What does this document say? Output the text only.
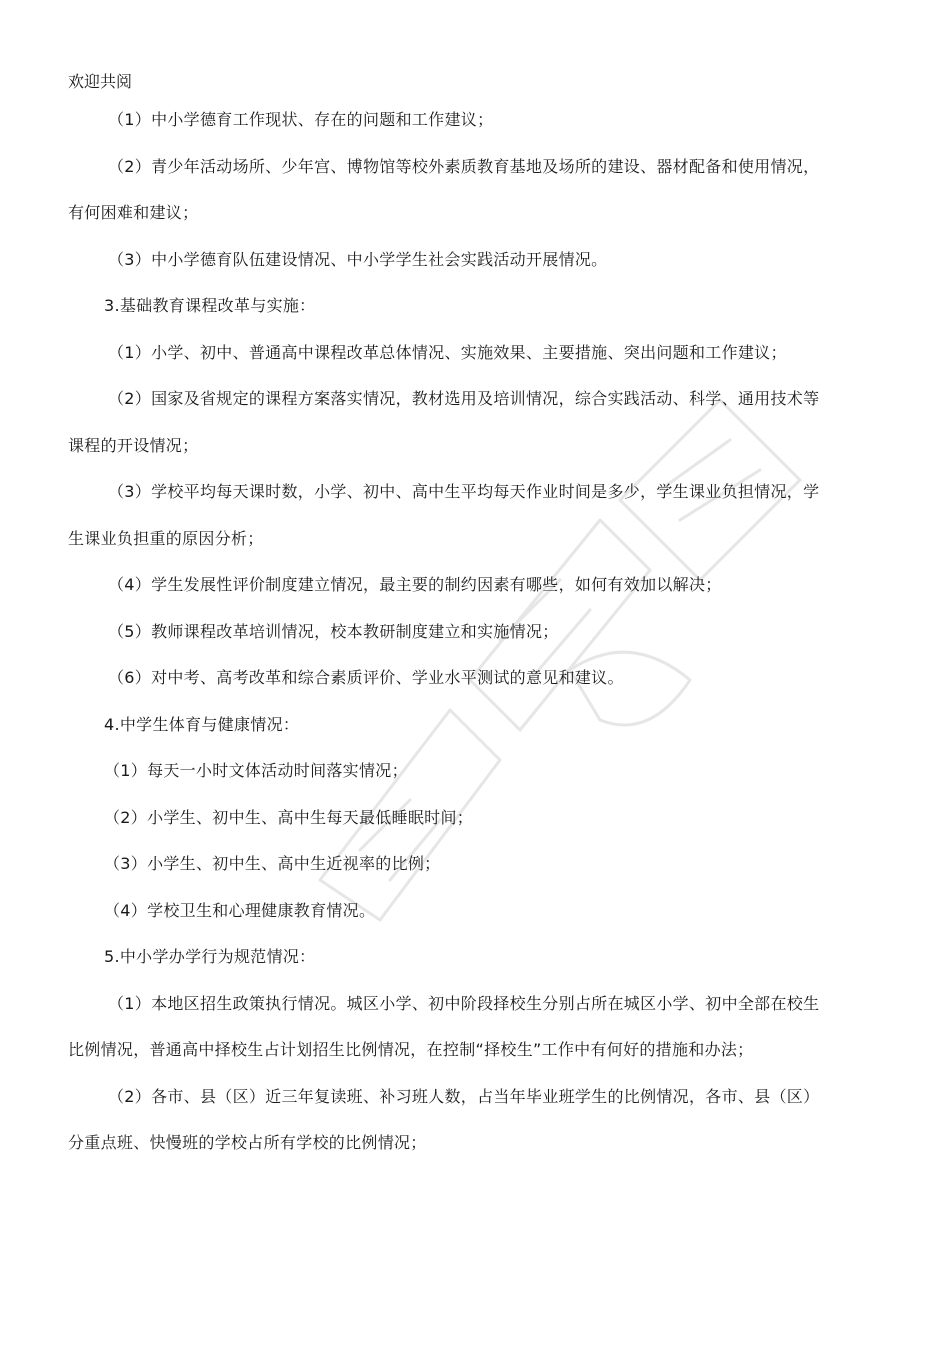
欢迎共阅

（1）中小学德育工作现状、存在的问题和工作建议；

（2）青少年活动场所、少年宫、博物馆等校外素质教育基地及场所的建设、器材配备和使用情况，有何困难和建议；

（3）中小学德育队伍建设情况、中小学学生社会实践活动开展情况。

3.基础教育课程改革与实施：

（1）小学、初中、普通高中课程改革总体情况、实施效果、主要措施、突出问题和工作建议；

（2）国家及省规定的课程方案落实情况，教材选用及培训情况，综合实践活动、科学、通用技术等课程的开设情况；

（3）学校平均每天课时数，小学、初中、高中生平均每天作业时间是多少，学生课业负担情况，学生课业负担重的原因分析；

（4）学生发展性评价制度建立情况，最主要的制约因素有哪些，如何有效加以解决；

（5）教师课程改革培训情况，校本教研制度建立和实施情况；

（6）对中考、高考改革和综合素质评价、学业水平测试的意见和建议。

4.中学生体育与健康情况：

（1）每天一小时文体活动时间落实情况；

（2）小学生、初中生、高中生每天最低睡眠时间；

（3）小学生、初中生、高中生近视率的比例；

（4）学校卫生和心理健康教育情况。

5.中小学办学行为规范情况：

（1）本地区招生政策执行情况。城区小学、初中阶段择校生分别占所在城区小学、初中全部在校生比例情况，普通高中择校生占计划招生比例情况，在控制“择校生”工作中有何好的措施和办法；

（2）各市、县（区）近三年复读班、补习班人数，占当年毕业班学生的比例情况，各市、县（区）分重点班、快慢班的学校占所有学校的比例情况；
